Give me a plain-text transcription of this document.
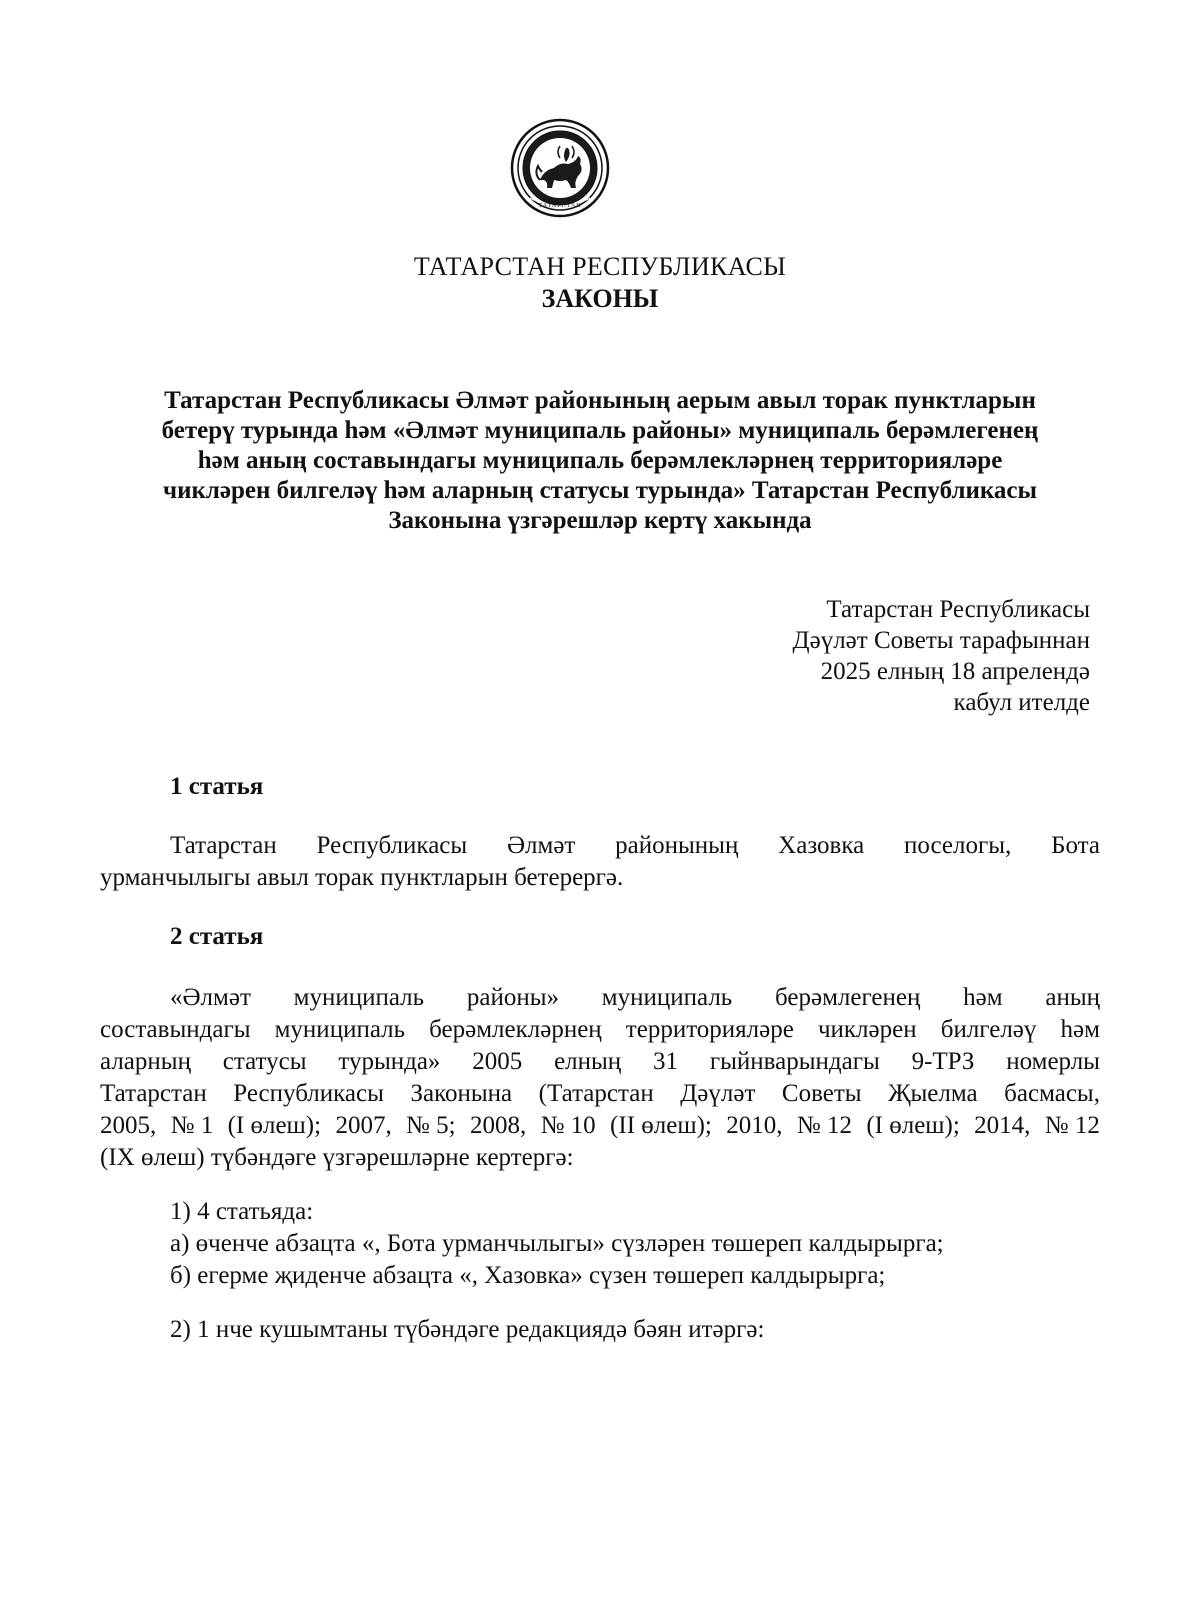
ТАТАРСТАН
ТАТАРСТАН РЕСПУБЛИКАСЫ
ЗАКОНЫ
Татарстан Республикасы Әлмәт районының аерым авыл торак пунктларын
бетерү турында һәм «Әлмәт муниципаль районы» муниципаль берәмлегенең
һәм аның составындагы муниципаль берәмлекләрнең территорияләре
чикләрен билгеләү һәм аларның статусы турында» Татарстан Республикасы
Законына үзгәрешләр кертү хакында
Татарстан Республикасы
Дәүләт Советы тарафыннан
2025 елның 18 апрелендә
кабул ителде
1 статья
Татарстан Республикасы Әлмәт районының Хазовка поселогы, Бота
урманчылыгы авыл торак пунктларын бетерергә.
2 статья
«Әлмәт муниципаль районы» муниципаль берәмлегенең һәм аның
составындагы муниципаль берәмлекләрнең территорияләре чикләрен билгеләү һәм
аларның статусы турында» 2005 елның 31 гыйнварындагы 9-ТРЗ номерлы
Татарстан Республикасы Законына (Татарстан Дәүләт Советы Җыелма басмасы,
2005, № 1 (I өлеш); 2007, № 5; 2008, № 10 (II өлеш); 2010, № 12 (I өлеш); 2014, № 12
(IX өлеш) түбәндәге үзгәрешләрне кертергә:
1) 4 статьяда:
а) өченче абзацта «, Бота урманчылыгы» сүзләрен төшереп калдырырга;
б) егерме җиденче абзацта «, Хазовка» сүзен төшереп калдырырга;
2) 1 нче кушымтаны түбәндәге редакциядә бәян итәргә:
